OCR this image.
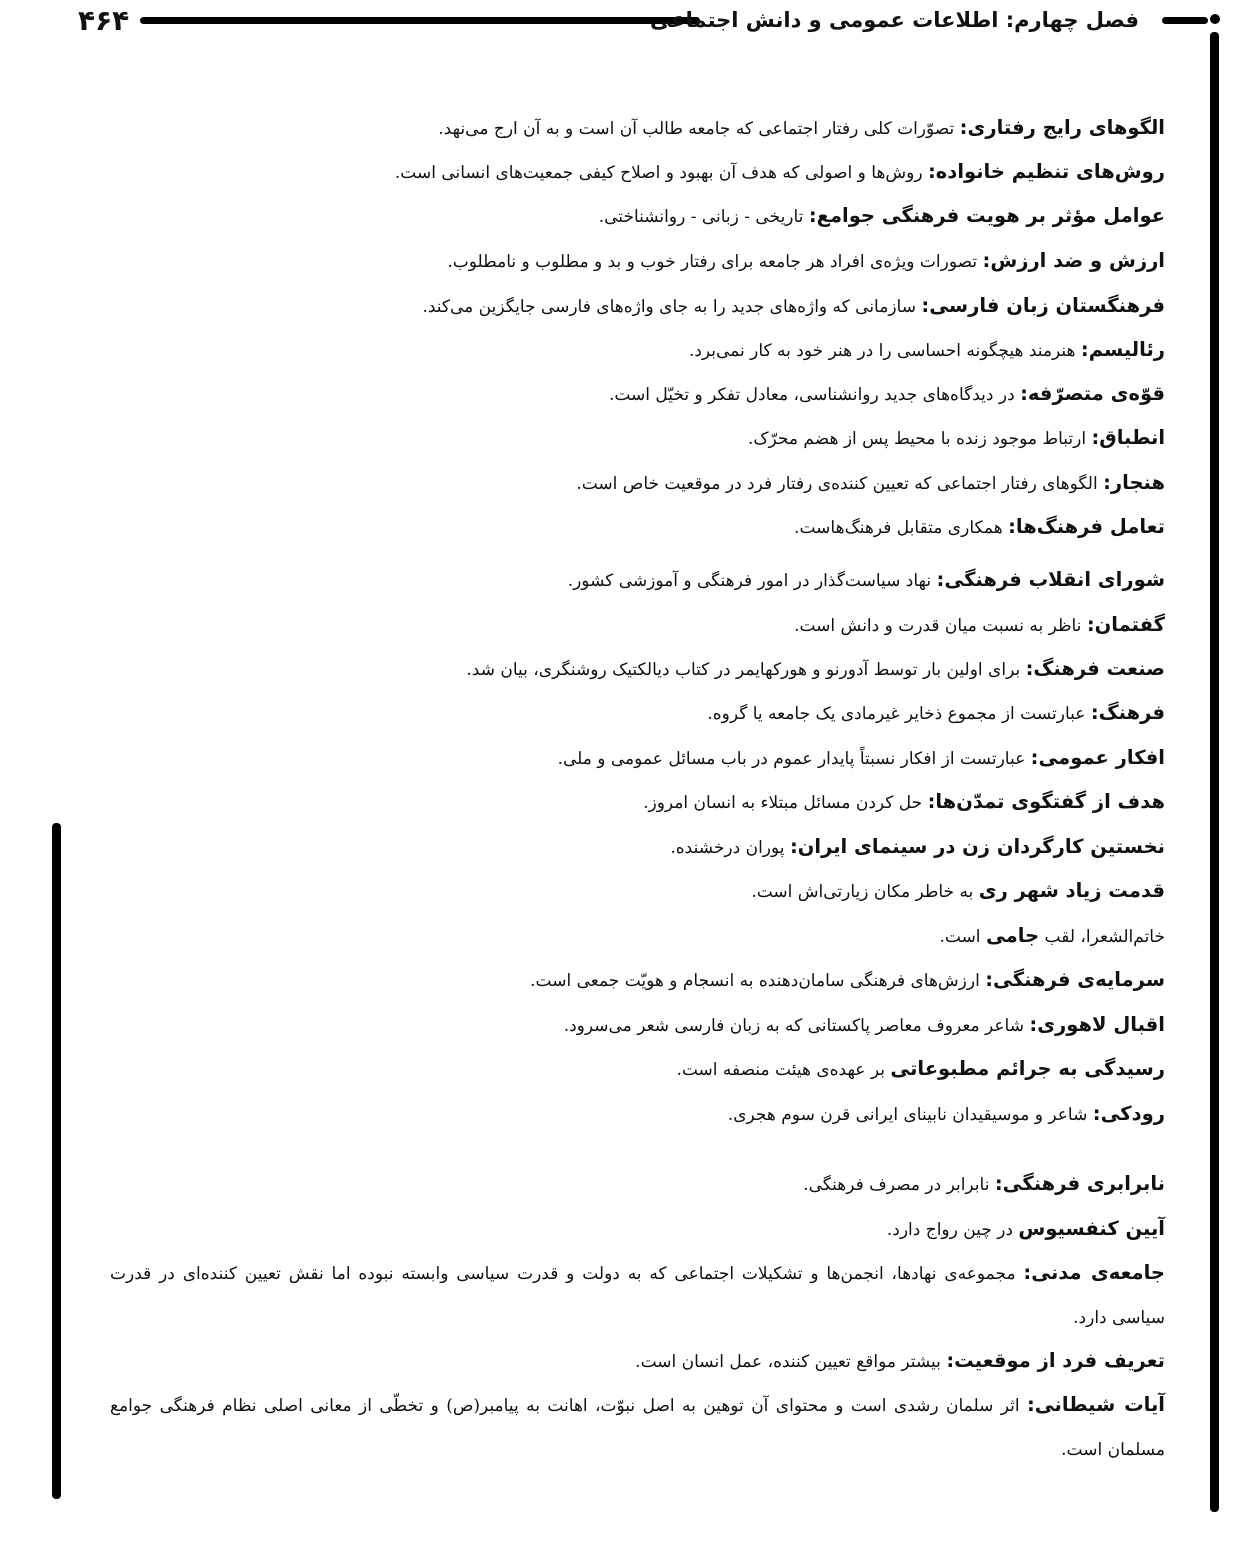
۴۶۴	فصل چهارم: اطلاعات عمومی و دانش اجتماعی

الگوهای رایج رفتاری: تصوّرات کلی رفتار اجتماعی که جامعه طالب آن است و به آن ارج می‌نهد.

روش‌های تنظیم خانواده: روش‌ها و اصولی که هدف آن بهبود و اصلاح کیفی جمعیت‌های انسانی است.

عوامل مؤثر بر هویت فرهنگی جوامع: تاریخی - زبانی - روانشناختی.

ارزش و ضد ارزش: تصورات ویژه‌ی افراد هر جامعه برای رفتار خوب و بد و مطلوب و نامطلوب.

فرهنگستان زبان فارسی: سازمانی که واژه‌های جدید را به جای واژه‌های فارسی جایگزین می‌کند.

رئالیسم: هنرمند هیچگونه احساسی را در هنر خود به کار نمی‌برد.

قوّه‌ی متصرّفه: در دیدگاه‌های جدید روانشناسی، معادل تفکر و تخیّل است.

انطباق: ارتباط موجود زنده با محیط پس از هضم محرّک.

هنجار: الگوهای رفتار اجتماعی که تعیین کننده‌ی رفتار فرد در موقعیت خاص است.

تعامل فرهنگ‌ها: همکاری متقابل فرهنگ‌هاست.

شورای انقلاب فرهنگی: نهاد سیاست‌گذار در امور فرهنگی و آموزشی کشور.

گفتمان: ناظر به نسبت میان قدرت و دانش است.

صنعت فرهنگ: برای اولین بار توسط آدورنو و هورکهایمر در کتاب دیالکتیک روشنگری، بیان شد.

فرهنگ: عبارتست از مجموع ذخایر غیرمادی یک جامعه یا گروه.

افکار عمومی: عبارتست از افکار نسبتاً پایدار عموم در باب مسائل عمومی و ملی.

هدف از گفتگوی تمدّن‌ها: حل کردن مسائل مبتلاء به انسان امروز.

نخستین کارگردان زن در سینمای ایران: پوران درخشنده.

قدمت زیاد شهر ری به خاطر مکان زیارتی‌اش است.

خاتم‌الشعرا، لقب جامی است.

سرمایه‌ی فرهنگی: ارزش‌های فرهنگی سامان‌دهنده به انسجام و هویّت جمعی است.

اقبال لاهوری: شاعر معروف معاصر پاکستانی که به زبان فارسی شعر می‌سرود.

رسیدگی به جرائم مطبوعاتی بر عهده‌ی هیئت منصفه است.

رودکی: شاعر و موسیقیدان نابینای ایرانی قرن سوم هجری.

نابرابری فرهنگی: نابرابر در مصرف فرهنگی.

آیین کنفسیوس در چین رواج دارد.

جامعه‌ی مدنی: مجموعه‌ی نهادها، انجمن‌ها و تشکیلات اجتماعی که به دولت و قدرت سیاسی وابسته نبوده اما نقش تعیین کننده‌ای در قدرت سیاسی دارد.

تعریف فرد از موقعیت: بیشتر مواقع تعیین کننده، عمل انسان است.

آیات شیطانی: اثر سلمان رشدی است و محتوای آن توهین به اصل نبوّت، اهانت به پیامبر(ص) و تخطّی از معانی اصلی نظام فرهنگی جوامع مسلمان است.
